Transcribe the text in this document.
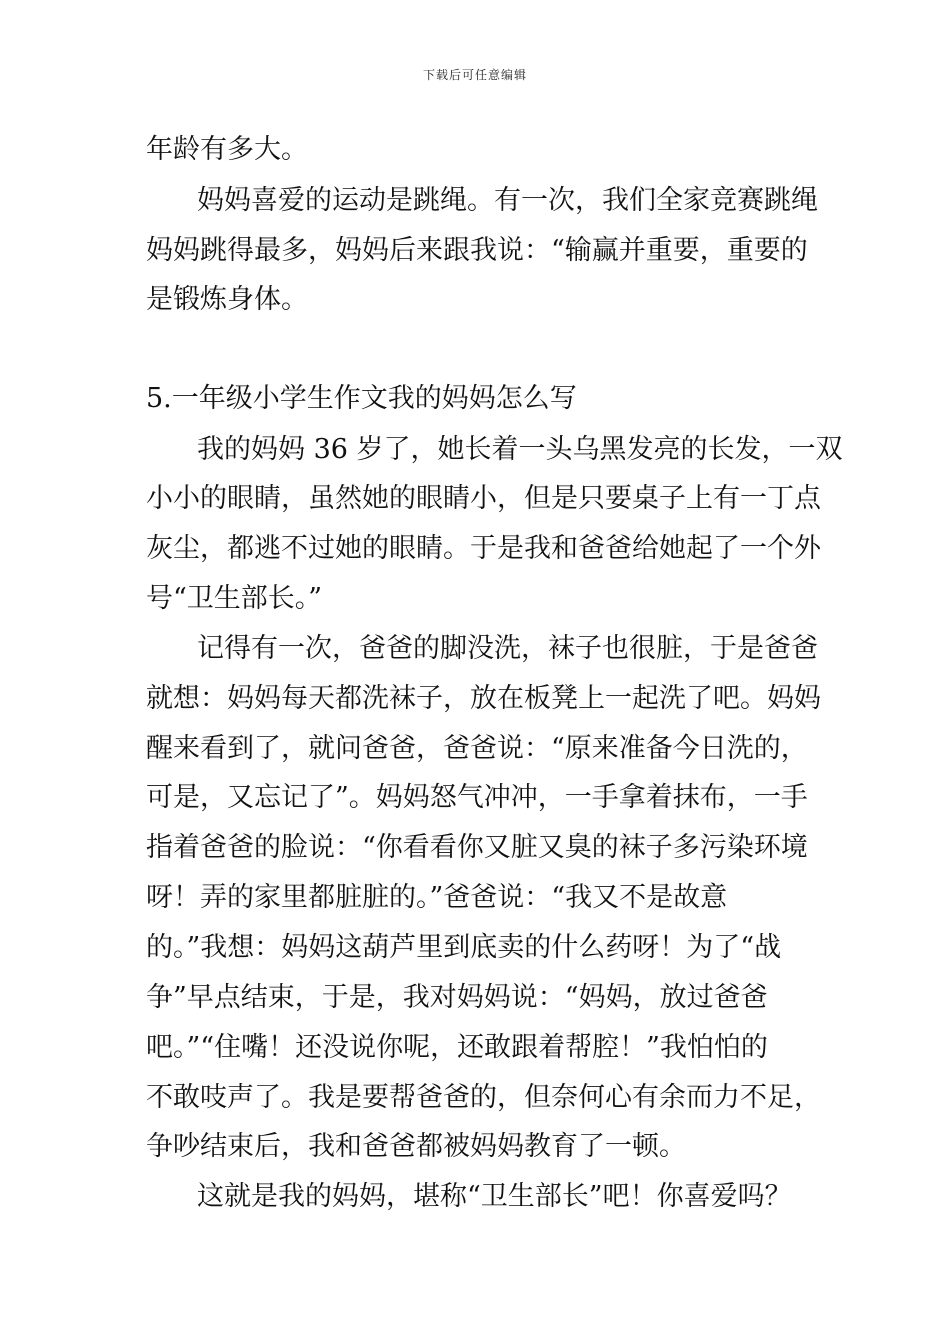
下载后可任意编辑
年龄有多大。
妈妈喜爱的运动是跳绳。有一次，我们全家竞赛跳绳
妈妈跳得最多，妈妈后来跟我说：“输赢并重要，重要的
是锻炼身体。
5.一年级小学生作文我的妈妈怎么写
我的妈妈 36 岁了，她长着一头乌黑发亮的长发，一双
小小的眼睛，虽然她的眼睛小，但是只要桌子上有一丁点
灰尘，都逃不过她的眼睛。于是我和爸爸给她起了一个外
号“卫生部长。”
记得有一次，爸爸的脚没洗，袜子也很脏，于是爸爸
就想：妈妈每天都洗袜子，放在板凳上一起洗了吧。妈妈
醒来看到了，就问爸爸，爸爸说：“原来准备今日洗的，
可是，又忘记了”。妈妈怒气冲冲，一手拿着抹布，一手
指着爸爸的脸说：“你看看你又脏又臭的袜子多污染环境
呀！弄的家里都脏脏的。”爸爸说：“我又不是故意
的。”我想：妈妈这葫芦里到底卖的什么药呀！为了“战
争”早点结束，于是，我对妈妈说：“妈妈，放过爸爸
吧。”“住嘴！还没说你呢，还敢跟着帮腔！”我怕怕的
不敢吱声了。我是要帮爸爸的，但奈何心有余而力不足，
争吵结束后，我和爸爸都被妈妈教育了一顿。
这就是我的妈妈，堪称“卫生部长”吧！你喜爱吗？
